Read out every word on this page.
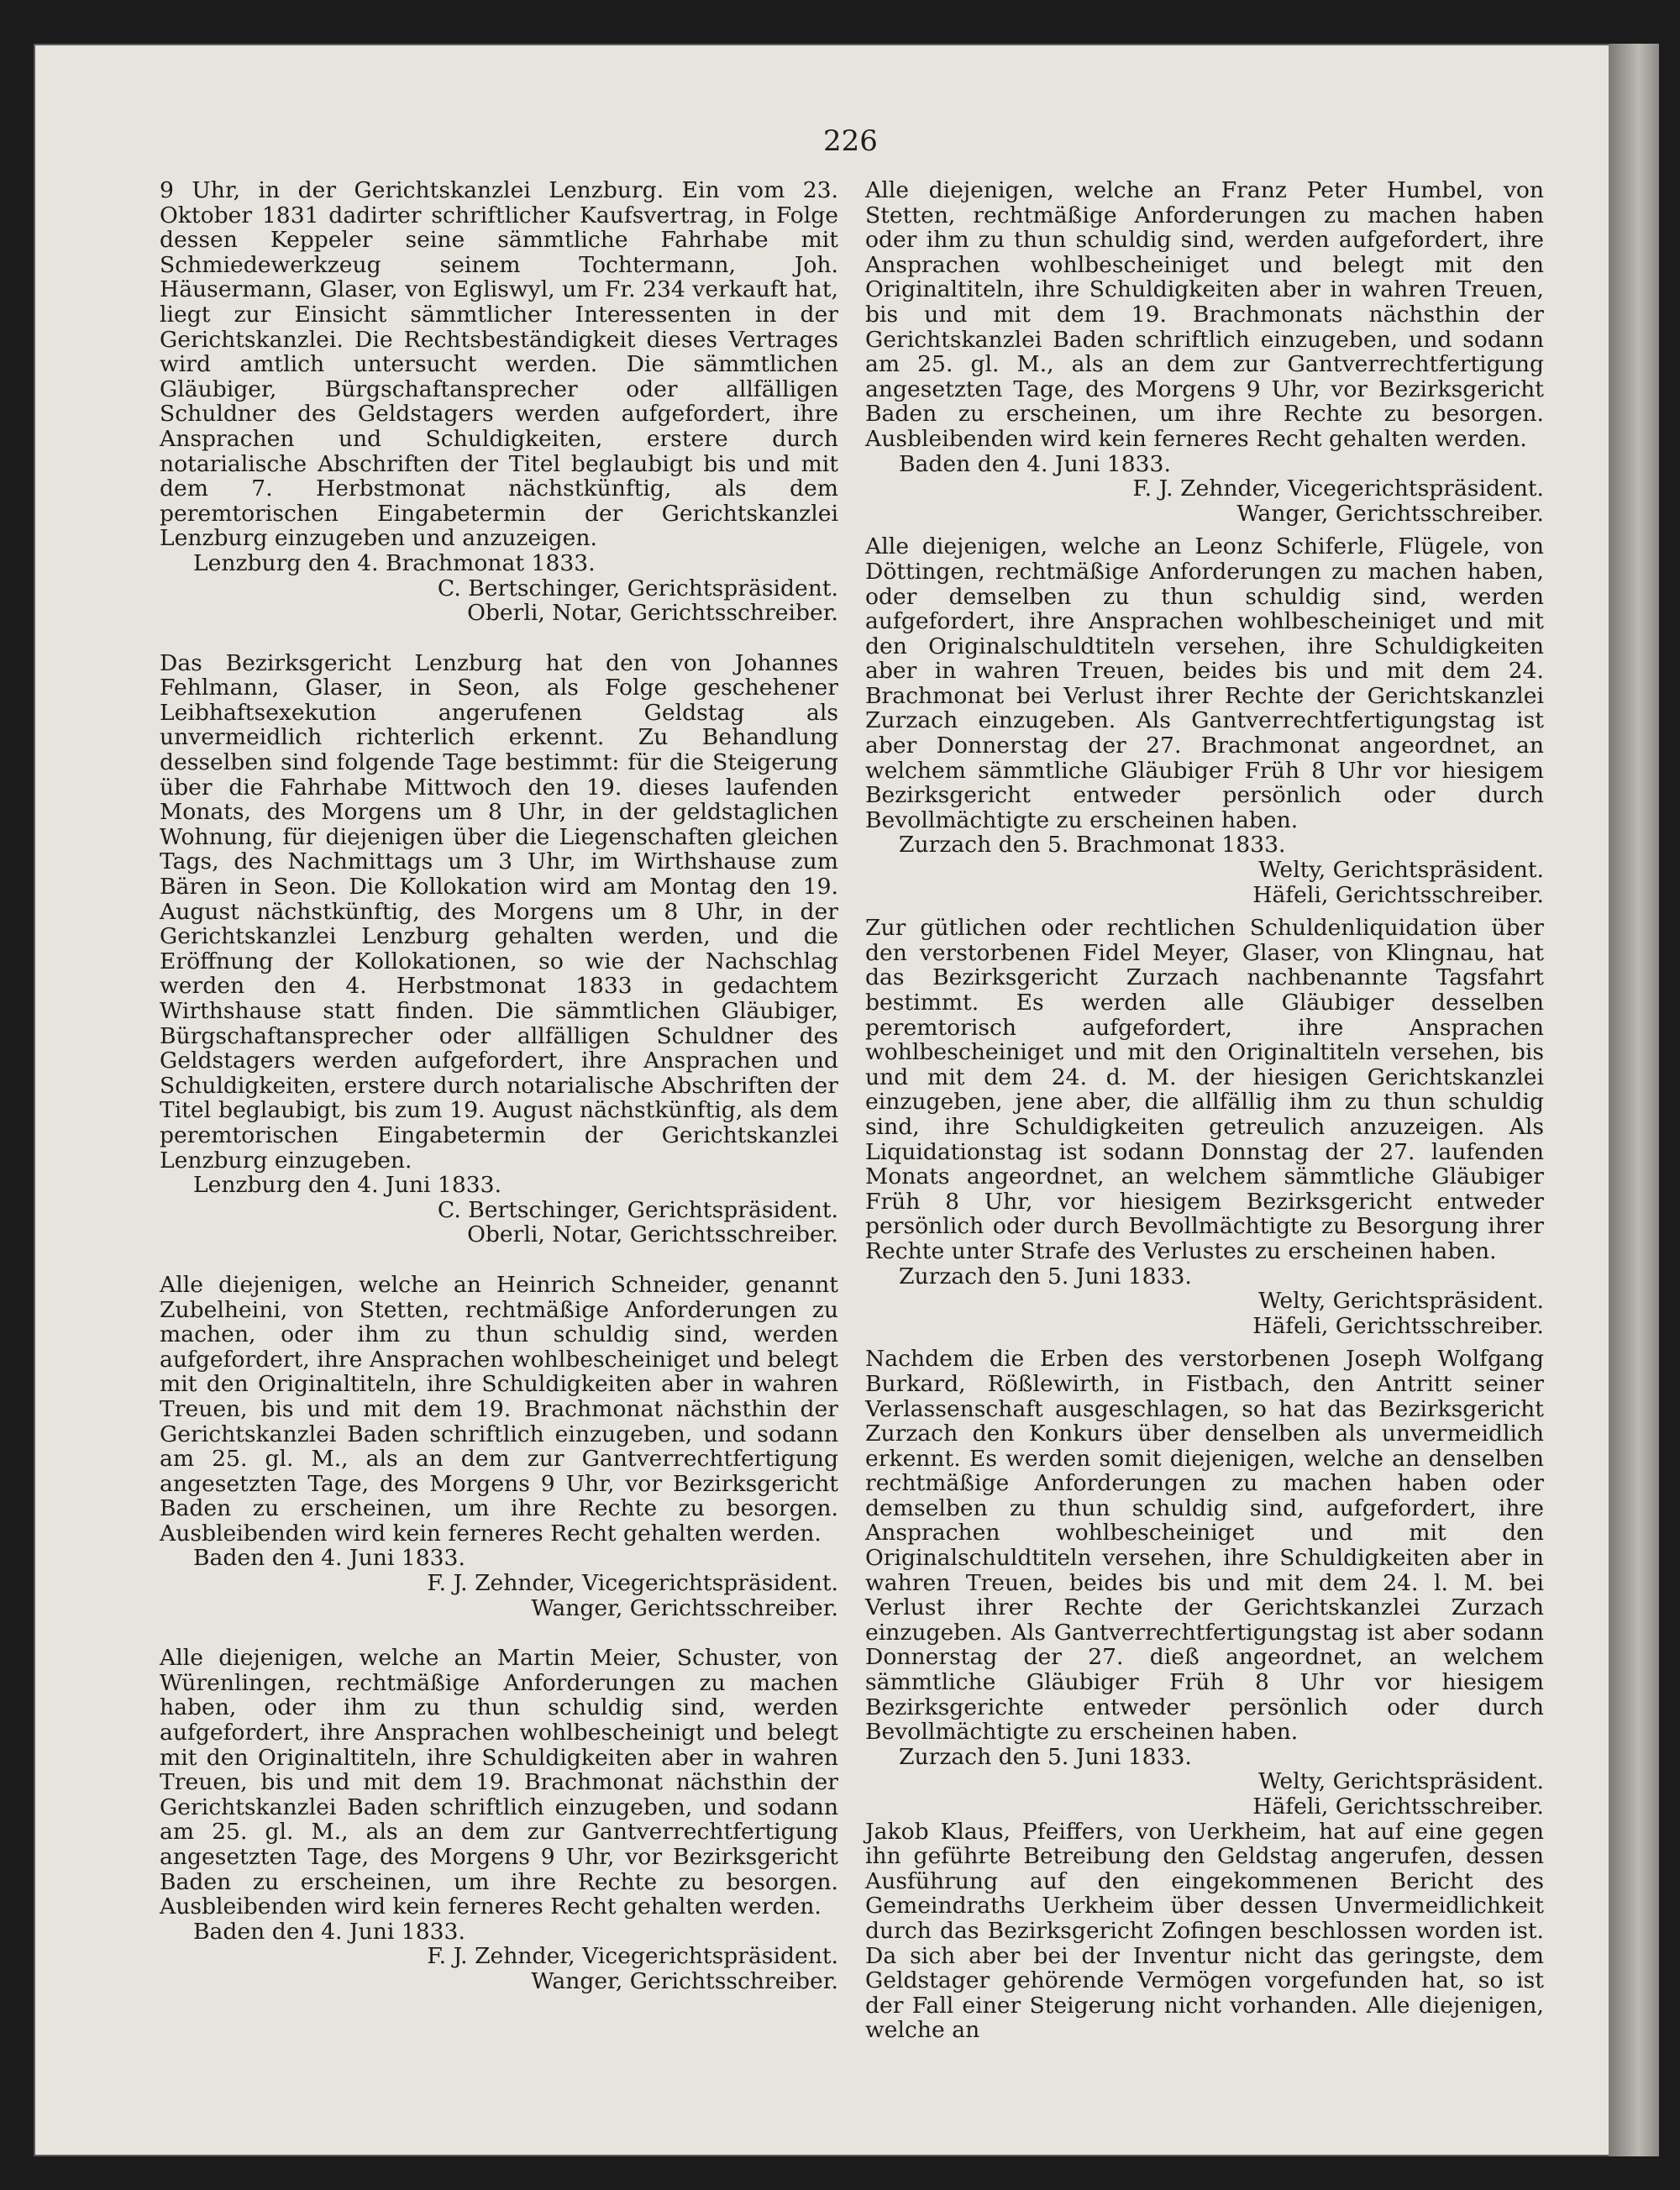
226

9 Uhr, in der Gerichtskanzlei Lenzburg. Ein vom 23. Oktober 1831 dadirter schriftlicher Kaufsvertrag, in Folge dessen Keppeler seine sämmtliche Fahrhabe mit Schmiedewerkzeug seinem Tochtermann, Joh. Häusermann, Glaser, von Egliswyl, um Fr. 234 verkauft hat, liegt zur Einsicht sämmtlicher Interessenten in der Gerichtskanzlei. Die Rechtsbeständigkeit dieses Vertrages wird amtlich untersucht werden. Die sämmtlichen Gläubiger, Bürgschaftansprecher oder allfälligen Schuldner des Geldstagers werden aufgefordert, ihre Ansprachen und Schuldigkeiten, erstere durch notarialische Abschriften der Titel beglaubigt bis und mit dem 7. Herbstmonat nächstkünftig, als dem peremtorischen Eingabetermin der Gerichtskanzlei Lenzburg einzugeben und anzuzeigen.

Lenzburg den 4. Brachmonat 1833.

C. Bertschinger, Gerichtspräsident.

Oberli, Notar, Gerichtsschreiber.

Das Bezirksgericht Lenzburg hat den von Johannes Fehlmann, Glaser, in Seon, als Folge geschehener Leibhaftsexekution angerufenen Geldstag als unvermeidlich richterlich erkennt. Zu Behandlung desselben sind folgende Tage bestimmt: für die Steigerung über die Fahrhabe Mittwoch den 19. dieses laufenden Monats, des Morgens um 8 Uhr, in der geldstaglichen Wohnung, für diejenigen über die Liegenschaften gleichen Tags, des Nachmittags um 3 Uhr, im Wirthshause zum Bären in Seon. Die Kollokation wird am Montag den 19. August nächstkünftig, des Morgens um 8 Uhr, in der Gerichtskanzlei Lenzburg gehalten werden, und die Eröffnung der Kollokationen, so wie der Nachschlag werden den 4. Herbstmonat 1833 in gedachtem Wirthshause statt finden. Die sämmtlichen Gläubiger, Bürgschaftansprecher oder allfälligen Schuldner des Geldstagers werden aufgefordert, ihre Ansprachen und Schuldigkeiten, erstere durch notarialische Abschriften der Titel beglaubigt, bis zum 19. August nächstkünftig, als dem peremtorischen Eingabetermin der Gerichtskanzlei Lenzburg einzugeben.

Lenzburg den 4. Juni 1833.

C. Bertschinger, Gerichtspräsident.

Oberli, Notar, Gerichtsschreiber.

Alle diejenigen, welche an Heinrich Schneider, genannt Zubelheini, von Stetten, rechtmäßige Anforderungen zu machen, oder ihm zu thun schuldig sind, werden aufgefordert, ihre Ansprachen wohlbescheiniget und belegt mit den Originaltiteln, ihre Schuldigkeiten aber in wahren Treuen, bis und mit dem 19. Brachmonat nächsthin der Gerichtskanzlei Baden schriftlich einzugeben, und sodann am 25. gl. M., als an dem zur Gantverrechtfertigung angesetzten Tage, des Morgens 9 Uhr, vor Bezirksgericht Baden zu erscheinen, um ihre Rechte zu besorgen. Ausbleibenden wird kein ferneres Recht gehalten werden.

Baden den 4. Juni 1833.

F. J. Zehnder, Vicegerichtspräsident.

Wanger, Gerichtsschreiber.

Alle diejenigen, welche an Martin Meier, Schuster, von Würenlingen, rechtmäßige Anforderungen zu machen haben, oder ihm zu thun schuldig sind, werden aufgefordert, ihre Ansprachen wohlbescheinigt und belegt mit den Originaltiteln, ihre Schuldigkeiten aber in wahren Treuen, bis und mit dem 19. Brachmonat nächsthin der Gerichtskanzlei Baden schriftlich einzugeben, und sodann am 25. gl. M., als an dem zur Gantverrechtfertigung angesetzten Tage, des Morgens 9 Uhr, vor Bezirksgericht Baden zu erscheinen, um ihre Rechte zu besorgen. Ausbleibenden wird kein ferneres Recht gehalten werden.

Baden den 4. Juni 1833.

F. J. Zehnder, Vicegerichtspräsident.

Wanger, Gerichtsschreiber.

Alle diejenigen, welche an Franz Peter Humbel, von Stetten, rechtmäßige Anforderungen zu machen haben oder ihm zu thun schuldig sind, werden aufgefordert, ihre Ansprachen wohlbescheiniget und belegt mit den Originaltiteln, ihre Schuldigkeiten aber in wahren Treuen, bis und mit dem 19. Brachmonats nächsthin der Gerichtskanzlei Baden schriftlich einzugeben, und sodann am 25. gl. M., als an dem zur Gantverrechtfertigung angesetzten Tage, des Morgens 9 Uhr, vor Bezirksgericht Baden zu erscheinen, um ihre Rechte zu besorgen. Ausbleibenden wird kein ferneres Recht gehalten werden.

Baden den 4. Juni 1833.

F. J. Zehnder, Vicegerichtspräsident.

Wanger, Gerichtsschreiber.

Alle diejenigen, welche an Leonz Schiferle, Flügele, von Döttingen, rechtmäßige Anforderungen zu machen haben, oder demselben zu thun schuldig sind, werden aufgefordert, ihre Ansprachen wohlbescheiniget und mit den Originalschuldtiteln versehen, ihre Schuldigkeiten aber in wahren Treuen, beides bis und mit dem 24. Brachmonat bei Verlust ihrer Rechte der Gerichtskanzlei Zurzach einzugeben. Als Gantverrechtfertigungstag ist aber Donnerstag der 27. Brachmonat angeordnet, an welchem sämmtliche Gläubiger Früh 8 Uhr vor hiesigem Bezirksgericht entweder persönlich oder durch Bevollmächtigte zu erscheinen haben.

Zurzach den 5. Brachmonat 1833.

Welty, Gerichtspräsident.

Häfeli, Gerichtsschreiber.

Zur gütlichen oder rechtlichen Schuldenliquidation über den verstorbenen Fidel Meyer, Glaser, von Klingnau, hat das Bezirksgericht Zurzach nachbenannte Tagsfahrt bestimmt. Es werden alle Gläubiger desselben peremtorisch aufgefordert, ihre Ansprachen wohlbescheiniget und mit den Originaltiteln versehen, bis und mit dem 24. d. M. der hiesigen Gerichtskanzlei einzugeben, jene aber, die allfällig ihm zu thun schuldig sind, ihre Schuldigkeiten getreulich anzuzeigen. Als Liquidationstag ist sodann Donnstag der 27. laufenden Monats angeordnet, an welchem sämmtliche Gläubiger Früh 8 Uhr, vor hiesigem Bezirksgericht entweder persönlich oder durch Bevollmächtigte zu Besorgung ihrer Rechte unter Strafe des Verlustes zu erscheinen haben.

Zurzach den 5. Juni 1833.

Welty, Gerichtspräsident.

Häfeli, Gerichtsschreiber.

Nachdem die Erben des verstorbenen Joseph Wolfgang Burkard, Rößlewirth, in Fistbach, den Antritt seiner Verlassenschaft ausgeschlagen, so hat das Bezirksgericht Zurzach den Konkurs über denselben als unvermeidlich erkennt. Es werden somit diejenigen, welche an denselben rechtmäßige Anforderungen zu machen haben oder demselben zu thun schuldig sind, aufgefordert, ihre Ansprachen wohlbescheiniget und mit den Originalschuldtiteln versehen, ihre Schuldigkeiten aber in wahren Treuen, beides bis und mit dem 24. l. M. bei Verlust ihrer Rechte der Gerichtskanzlei Zurzach einzugeben. Als Gantverrechtfertigungstag ist aber sodann Donnerstag der 27. dieß angeordnet, an welchem sämmtliche Gläubiger Früh 8 Uhr vor hiesigem Bezirksgerichte entweder persönlich oder durch Bevollmächtigte zu erscheinen haben.

Zurzach den 5. Juni 1833.

Welty, Gerichtspräsident.

Häfeli, Gerichtsschreiber.

Jakob Klaus, Pfeiffers, von Uerkheim, hat auf eine gegen ihn geführte Betreibung den Geldstag angerufen, dessen Ausführung auf den eingekommenen Bericht des Gemeindraths Uerkheim über dessen Unvermeidlichkeit durch das Bezirksgericht Zofingen beschlossen worden ist. Da sich aber bei der Inventur nicht das geringste, dem Geldstager gehörende Vermögen vorgefunden hat, so ist der Fall einer Steigerung nicht vorhanden. Alle diejenigen, welche an
